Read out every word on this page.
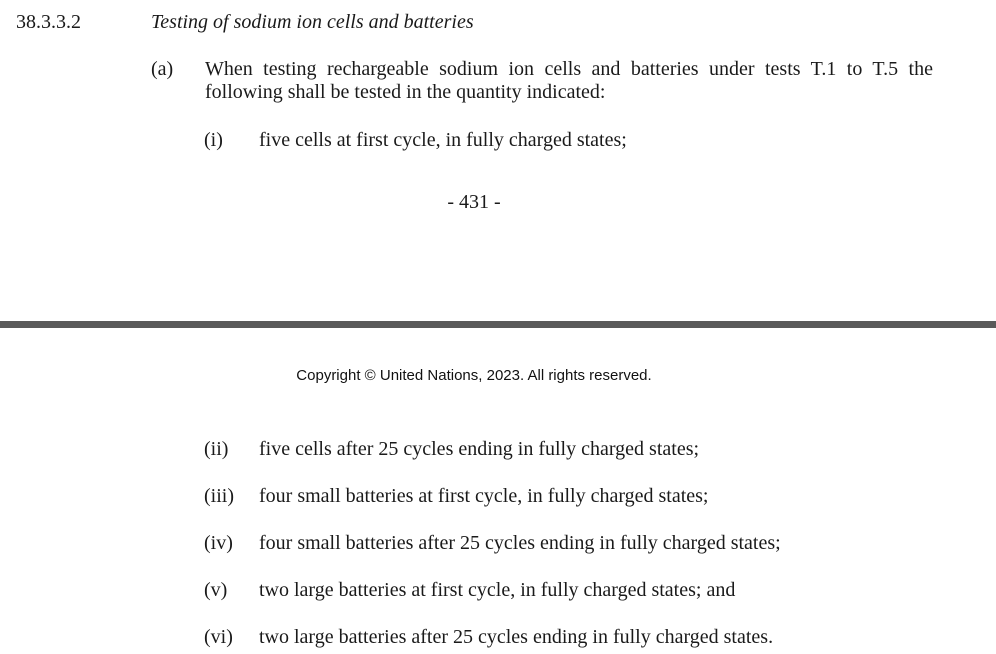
38.3.3.2	Testing of sodium ion cells and batteries
(a) When testing rechargeable sodium ion cells and batteries under tests T.1 to T.5 the following shall be tested in the quantity indicated:
(i) five cells at first cycle, in fully charged states;
- 431 -
Copyright © United Nations, 2023. All rights reserved.
(ii) five cells after 25 cycles ending in fully charged states;
(iii) four small batteries at first cycle, in fully charged states;
(iv) four small batteries after 25 cycles ending in fully charged states;
(v) two large batteries at first cycle, in fully charged states; and
(vi) two large batteries after 25 cycles ending in fully charged states.
